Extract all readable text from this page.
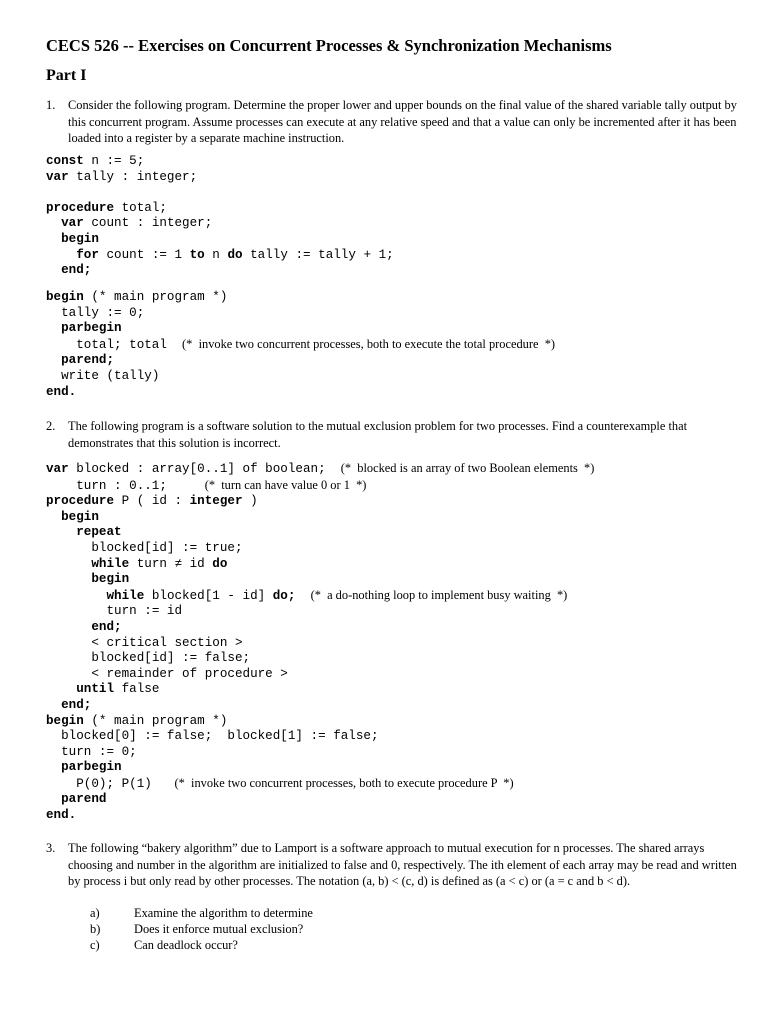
CECS 526 -- Exercises on Concurrent Processes & Synchronization Mechanisms
Part I
1. Consider the following program. Determine the proper lower and upper bounds on the final value of the shared variable tally output by this concurrent program. Assume processes can execute at any relative speed and that a value can only be incremented after it has been loaded into a register by a separate machine instruction.
const n := 5;
var tally : integer;

procedure total;
var count : integer;
begin
for count := 1 to n do tally := tally + 1;
end;

begin (* main program *)
tally := 0;
parbegin
total; total  (*  invoke two concurrent processes, both to execute the total procedure  *)
parend;
write (tally)
end.
2. The following program is a software solution to the mutual exclusion problem for two processes. Find a counterexample that demonstrates that this solution is incorrect.
var blocked : array[0..1] of boolean;  (*  blocked is an array of two Boolean elements  *)
turn : 0..1;     (*  turn can have value 0 or 1  *)
procedure P ( id : integer )
begin
repeat
blocked[id] := true;
while turn ≠ id do
begin
while blocked[1 - id] do; (*  a do-nothing loop to implement busy waiting  *)
turn := id
end;
< critical section >
blocked[id] := false;
< remainder of procedure >
until false
end;
begin (* main program *)
blocked[0] := false;  blocked[1] := false;
turn := 0;
parbegin
P(0); P(1)   (*  invoke two concurrent processes, both to execute procedure P  *)
parend
end.
3. The following “bakery algorithm” due to Lamport is a software approach to mutual execution for n processes. The shared arrays choosing and number in the algorithm are initialized to false and 0, respectively. The ith element of each array may be read and written by process i but only read by other processes. The notation (a, b) < (c, d) is defined as (a < c) or (a = c and b < d).
a)	Examine the algorithm to determine
b)	Does it enforce mutual exclusion?
c)	Can deadlock occur?
